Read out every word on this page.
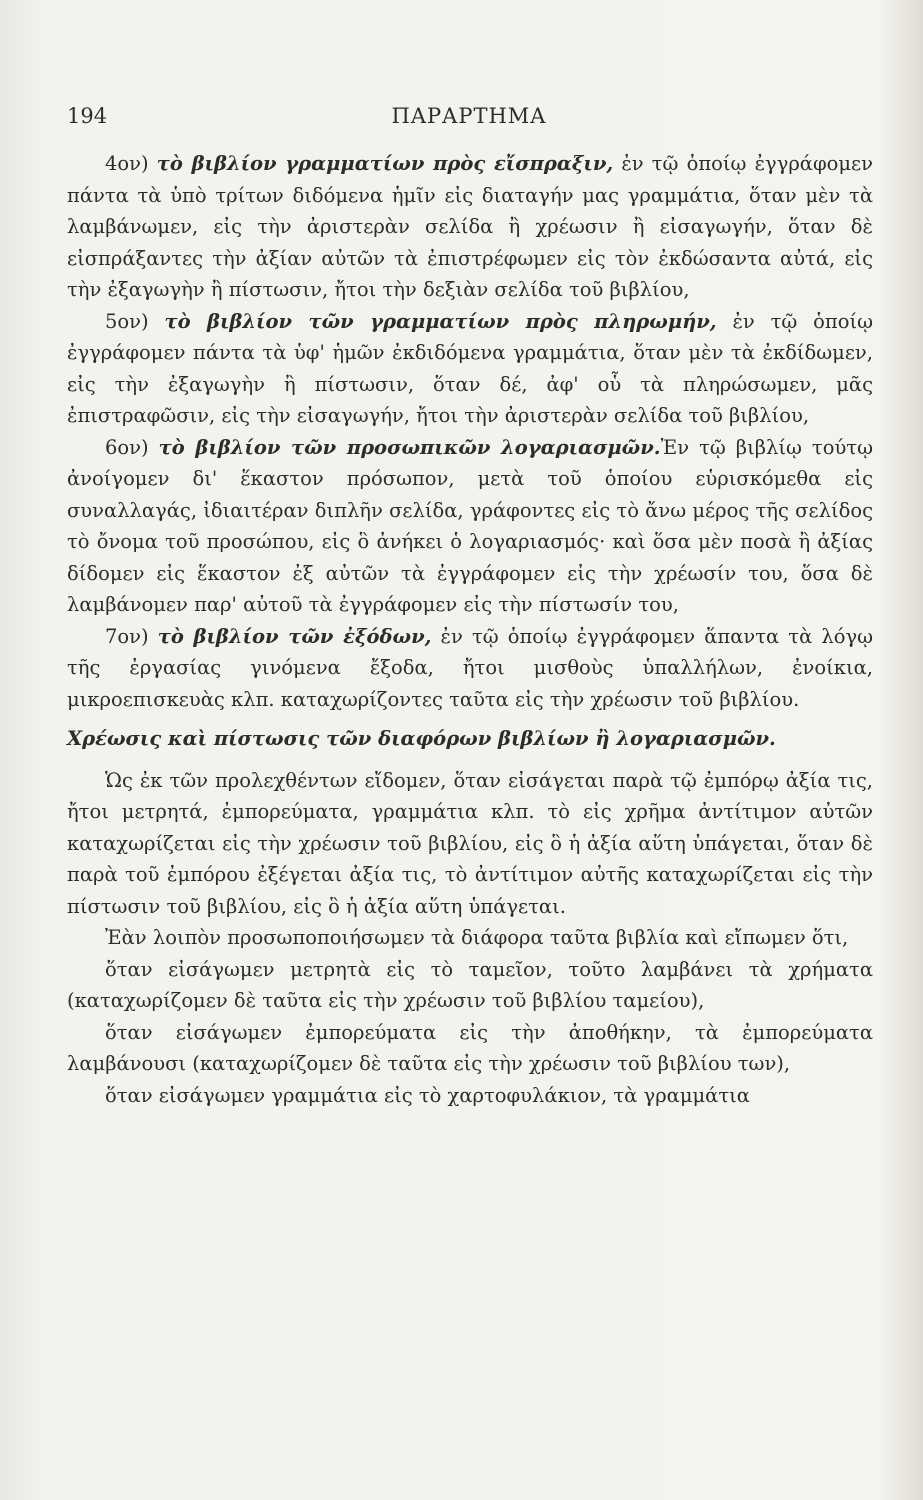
194	ΠΑΡΑΡΤΗΜΑ

4ον) τὸ βιβλίον γραμματίων πρὸς εἴσπραξιν, ἐν τῷ ὁποίῳ ἐγγράφομεν πάντα τὰ ὑπὸ τρίτων διδόμενα ἡμῖν εἰς διαταγήν μας γραμμάτια, ὅταν μὲν τὰ λαμβάνωμεν, εἰς τὴν ἀριστερὰν σελίδα ἢ χρέωσιν ἢ εἰσαγωγήν, ὅταν δὲ εἰσπράξαντες τὴν ἀξίαν αὐτῶν τὰ ἐπιστρέφωμεν εἰς τὸν ἐκδώσαντα αὐτά, εἰς τὴν ἐξαγωγὴν ἢ πίστωσιν, ἤτοι τὴν δεξιὰν σελίδα τοῦ βιβλίου,

5ον) τὸ βιβλίον τῶν γραμματίων πρὸς πληρωμήν, ἐν τῷ ὁποίῳ ἐγγράφομεν πάντα τὰ ὑφ' ἡμῶν ἐκδιδόμενα γραμμάτια, ὅταν μὲν τὰ ἐκδίδωμεν, εἰς τὴν ἐξαγωγὴν ἢ πίστωσιν, ὅταν δέ, ἀφ' οὗ τὰ πληρώσωμεν, μᾶς ἐπιστραφῶσιν, εἰς τὴν εἰσαγωγήν, ἤτοι τὴν ἀριστερὰν σελίδα τοῦ βιβλίου,

6ον) τὸ βιβλίον τῶν προσωπικῶν λογαριασμῶν.Ἐν τῷ βιβλίῳ τούτῳ ἀνοίγομεν δι' ἕκαστον πρόσωπον, μετὰ τοῦ ὁποίου εὑρισκόμεθα εἰς συναλλαγάς, ἰδιαιτέραν διπλῆν σελίδα, γράφοντες εἰς τὸ ἄνω μέρος τῆς σελίδος τὸ ὄνομα τοῦ προσώπου, εἰς ὃ ἀνήκει ὁ λογαριασμός· καὶ ὅσα μὲν ποσὰ ἢ ἀξίας δίδομεν εἰς ἕκαστον ἐξ αὐτῶν τὰ ἐγγράφομεν εἰς τὴν χρέωσίν του, ὅσα δὲ λαμβάνομεν παρ' αὐτοῦ τὰ ἐγγράφομεν εἰς τὴν πίστωσίν του,

7ον) τὸ βιβλίον τῶν ἐξόδων, ἐν τῷ ὁποίῳ ἐγγράφομεν ἅπαντα τὰ λόγῳ τῆς ἐργασίας γινόμενα ἔξοδα, ἤτοι μισθοὺς ὑπαλλήλων, ἐνοίκια, μικροεπισκευὰς κλπ. καταχωρίζοντες ταῦτα εἰς τὴν χρέωσιν τοῦ βιβλίου.

Χρέωσις καὶ πίστωσις τῶν διαφόρων βιβλίων ἢ λογαριασμῶν.

Ὡς ἐκ τῶν προλεχθέντων εἴδομεν, ὅταν εἰσάγεται παρὰ τῷ ἐμπόρῳ ἀξία τις, ἤτοι μετρητά, ἐμπορεύματα, γραμμάτια κλπ. τὸ εἰς χρῆμα ἀντίτιμον αὐτῶν καταχωρίζεται εἰς τὴν χρέωσιν τοῦ βιβλίου, εἰς ὃ ἡ ἀξία αὕτη ὑπάγεται, ὅταν δὲ παρὰ τοῦ ἐμπόρου ἐξέγεται ἀξία τις, τὸ ἀντίτιμον αὐτῆς καταχωρίζεται εἰς τὴν πίστωσιν τοῦ βιβλίου, εἰς ὃ ἡ ἀξία αὕτη ὑπάγεται.

Ἐὰν λοιπὸν προσωποποιήσωμεν τὰ διάφορα ταῦτα βιβλία καὶ εἴπωμεν ὅτι,

ὅταν εἰσάγωμεν μετρητὰ εἰς τὸ ταμεῖον, τοῦτο λαμβάνει τὰ χρήματα (καταχωρίζομεν δὲ ταῦτα εἰς τὴν χρέωσιν τοῦ βιβλίου ταμείου),

ὅταν εἰσάγωμεν ἐμπορεύματα εἰς τὴν ἀποθήκην, τὰ ἐμπορεύματα λαμβάνουσι (καταχωρίζομεν δὲ ταῦτα εἰς τὴν χρέωσιν τοῦ βιβλίου των),

ὅταν εἰσάγωμεν γραμμάτια εἰς τὸ χαρτοφυλάκιον, τὰ γραμμάτια
